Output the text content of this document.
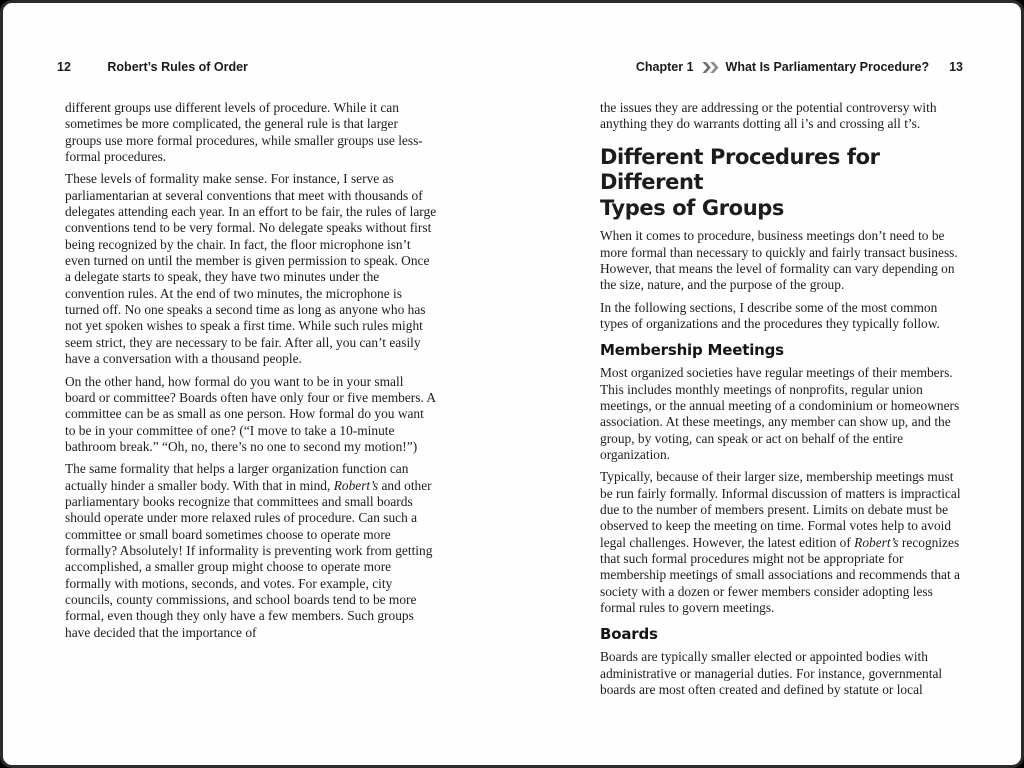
12	Robert’s Rules of Order

different groups use different levels of procedure. While it can sometimes be more complicated, the general rule is that larger groups use more formal procedures, while smaller groups use less-formal procedures.

These levels of formality make sense. For instance, I serve as parliamentarian at several conventions that meet with thousands of delegates attending each year. In an effort to be fair, the rules of large conventions tend to be very formal. No delegate speaks without first being recognized by the chair. In fact, the floor microphone isn’t even turned on until the member is given permission to speak. Once a delegate starts to speak, they have two minutes under the convention rules. At the end of two minutes, the microphone is turned off. No one speaks a second time as long as anyone who has not yet spoken wishes to speak a first time. While such rules might seem strict, they are necessary to be fair. After all, you can’t easily have a conversation with a thousand people.

On the other hand, how formal do you want to be in your small board or committee? Boards often have only four or five members. A committee can be as small as one person. How formal do you want to be in your committee of one? (“I move to take a 10-minute bathroom break.” “Oh, no, there’s no one to second my motion!”)

The same formality that helps a larger organization function can actually hinder a smaller body. With that in mind, Robert’s and other parliamentary books recognize that committees and small boards should operate under more relaxed rules of procedure. Can such a committee or small board sometimes choose to operate more formally? Absolutely! If informality is preventing work from getting accomplished, a smaller group might choose to operate more formally with motions, seconds, and votes. For example, city councils, county commissions, and school boards tend to be more formal, even though they only have a few members. Such groups have decided that the importance of

Chapter 1	What Is Parliamentary Procedure? 13

the issues they are addressing or the potential controversy with anything they do warrants dotting all i’s and crossing all t’s.

Different Procedures for Different
Types of Groups

When it comes to procedure, business meetings don’t need to be more formal than necessary to quickly and fairly transact business. However, that means the level of formality can vary depending on the size, nature, and the purpose of the group.

In the following sections, I describe some of the most common types of organizations and the procedures they typically follow.

Membership Meetings

Most organized societies have regular meetings of their members. This includes monthly meetings of nonprofits, regular union meetings, or the annual meeting of a condominium or homeowners association. At these meetings, any member can show up, and the group, by voting, can speak or act on behalf of the entire organization.

Typically, because of their larger size, membership meetings must be run fairly formally. Informal discussion of matters is impractical due to the number of members present. Limits on debate must be observed to keep the meeting on time. Formal votes help to avoid legal challenges. However, the latest edition of Robert’s recognizes that such formal procedures might not be appropriate for membership meetings of small associations and recommends that a society with a dozen or fewer members consider adopting less formal rules to govern meetings.

Boards

Boards are typically smaller elected or appointed bodies with administrative or managerial duties. For instance, governmental boards are most often created and defined by statute or local
